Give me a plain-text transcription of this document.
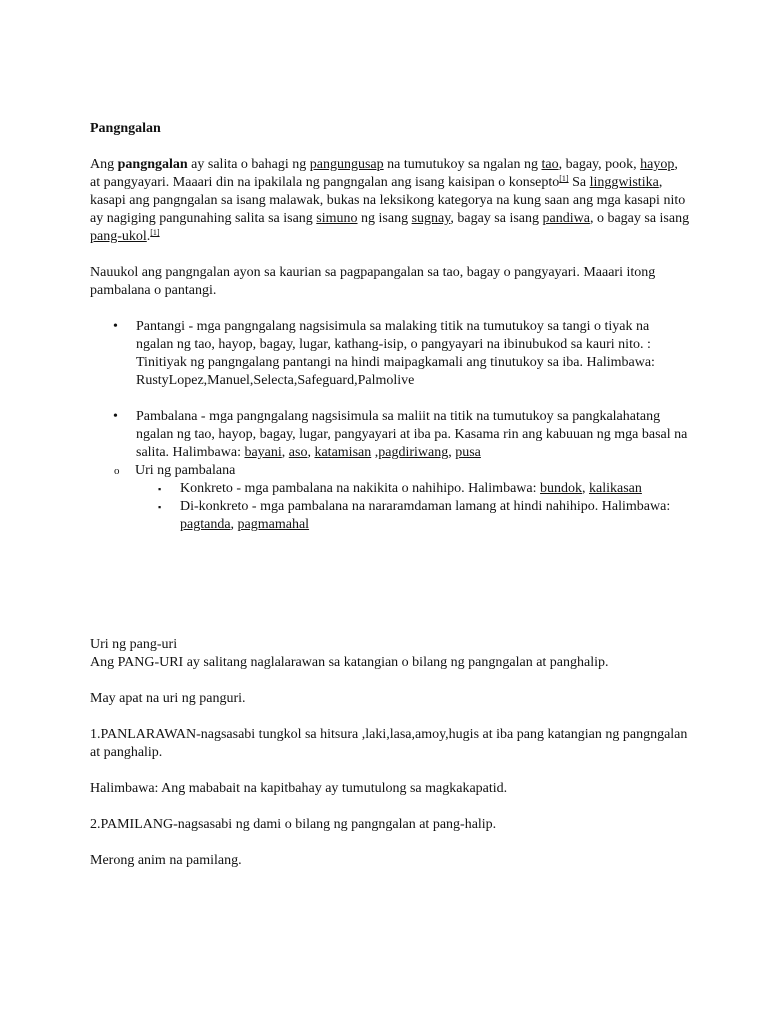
Pangngalan

Ang pangngalan ay salita o bahagi ng pangungusap na tumutukoy sa ngalan ng tao, bagay, pook, hayop, at pangyayari. Maaari din na ipakilala ng pangngalan ang isang kaisipan o konsepto[1] Sa linggwistika, kasapi ang pangngalan sa isang malawak, bukas na leksikong kategorya na kung saan ang mga kasapi nito ay nagiging pangunahing salita sa isang simuno ng isang sugnay, bagay sa isang pandiwa, o bagay sa isang pang-ukol.[1]

Nauukol ang pangngalan ayon sa kaurian sa pagpapangalan sa tao, bagay o pangyayari. Maaari itong pambalana o pantangi.

• Pantangi - mga pangngalang nagsisimula sa malaking titik na tumutukoy sa tangi o tiyak na ngalan ng tao, hayop, bagay, lugar, kathang-isip, o pangyayari na ibinubukod sa kauri nito. : Tinitiyak ng pangngalang pantangi na hindi maipagkamali ang tinutukoy sa iba. Halimbawa: RustyLopez,Manuel,Selecta,Safeguard,Palmolive
• Pambalana - mga pangngalang nagsisimula sa maliit na titik na tumutukoy sa pangkalahatang ngalan ng tao, hayop, bagay, lugar, pangyayari at iba pa. Kasama rin ang kabuuan ng mga basal na salita. Halimbawa: bayani, aso, katamisan ,pagdiriwang, pusa
o Uri ng pambalana
▪ Konkreto - mga pambalana na nakikita o nahihipo. Halimbawa: bundok, kalikasan
▪ Di-konkreto - mga pambalana na nararamdaman lamang at hindi nahihipo. Halimbawa: pagtanda, pagmamahal

Uri ng pang-uri

Ang PANG-URI ay salitang naglalarawan sa katangian o bilang ng pangngalan at panghalip.

May apat na uri ng panguri.

1.PANLARAWAN-nagsasabi tungkol sa hitsura ,laki,lasa,amoy,hugis at iba pang katangian ng pangngalan at panghalip.

Halimbawa: Ang mababait na kapitbahay ay tumutulong sa magkakapatid.

2.PAMILANG-nagsasabi ng dami o bilang ng pangngalan at pang-halip.

Merong anim na pamilang.
